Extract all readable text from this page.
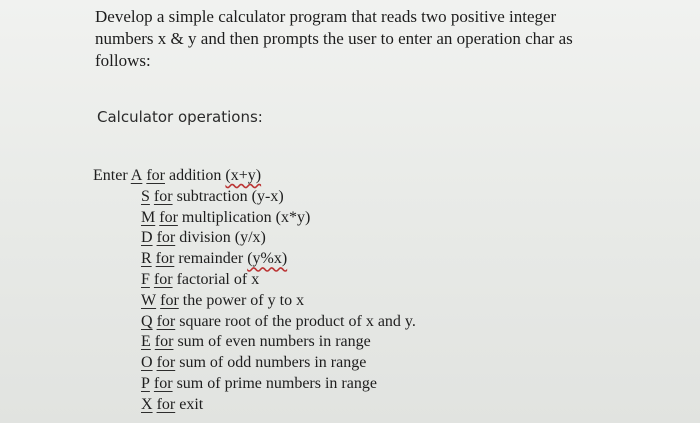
Develop a simple calculator program that reads two positive integer
numbers x & y and then prompts the user to enter an operation char as
follows:

Calculator operations:

Enter A for addition (x+y)
S for subtraction (y-x)
M for multiplication (x*y)
D for division (y/x)
R for remainder (y%x)
F for factorial of x
W for the power of y to x
Q for square root of the product of x and y.
E for sum of even numbers in range
O for sum of odd numbers in range
P for sum of prime numbers in range
X for exit
